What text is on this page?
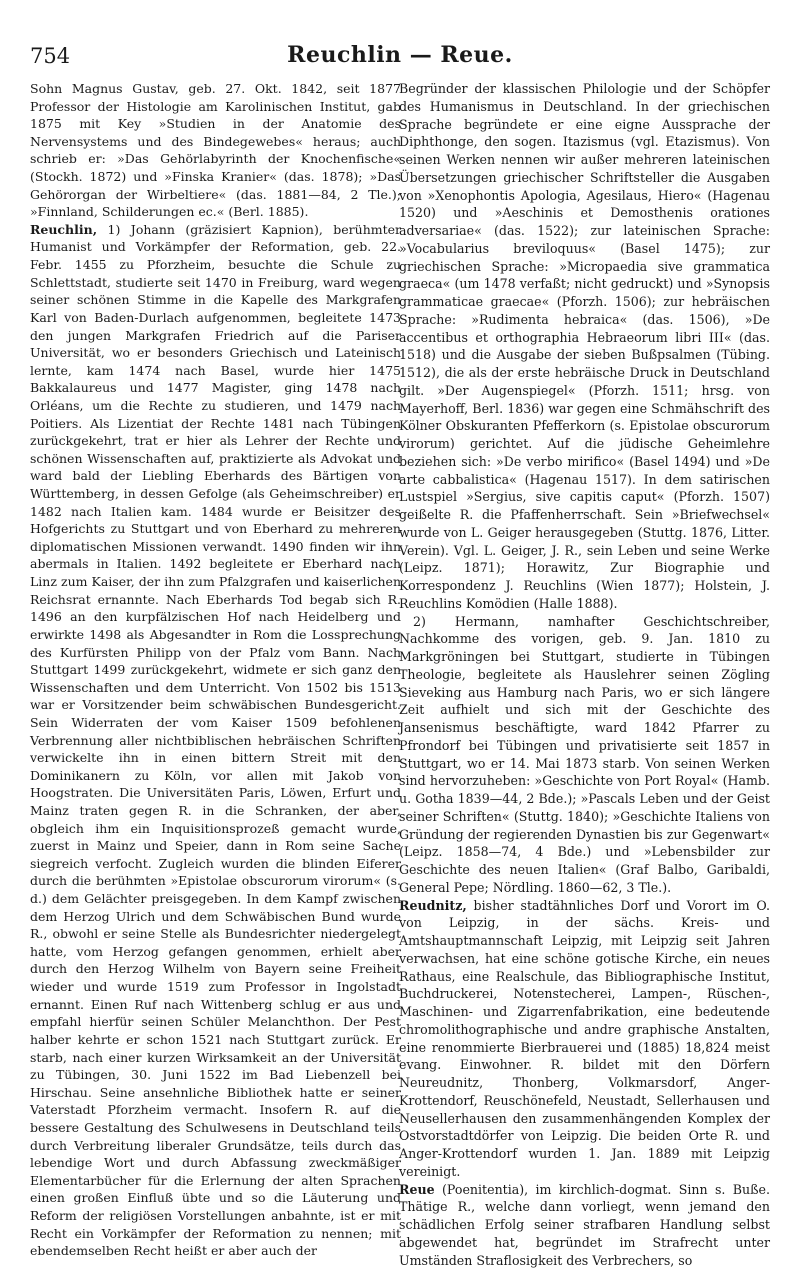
754	Reuchlin — Reue.

Sohn Magnus Gustav, geb. 27. Okt. 1842, seit 1877 Professor der Histologie am Karolinischen Institut, gab 1875 mit Key »Studien in der Anatomie des Nervensystems und des Bindegewebes« heraus; auch schrieb er: »Das Gehörlabyrinth der Knochenfische« (Stockh. 1872) und »Finska Kranier« (das. 1878); »Das Gehörorgan der Wirbeltiere« (das. 1881—84, 2 Tle.); »Finnland, Schilderungen ec.« (Berl. 1885).

Reuchlin, 1) Johann (gräzisiert Kapnion), berühmter Humanist und Vorkämpfer der Reformation, geb. 22. Febr. 1455 zu Pforzheim, besuchte die Schule zu Schlettstadt, studierte seit 1470 in Freiburg, ward wegen seiner schönen Stimme in die Kapelle des Markgrafen Karl von Baden-Durlach aufgenommen, begleitete 1473 den jungen Markgrafen Friedrich auf die Pariser Universität, wo er besonders Griechisch und Lateinisch lernte, kam 1474 nach Basel, wurde hier 1475 Bakkalaureus und 1477 Magister, ging 1478 nach Orléans, um die Rechte zu studieren, und 1479 nach Poitiers. Als Lizentiat der Rechte 1481 nach Tübingen zurückgekehrt, trat er hier als Lehrer der Rechte und schönen Wissenschaften auf, praktizierte als Advokat und ward bald der Liebling Eberhards des Bärtigen von Württemberg, in dessen Gefolge (als Geheimschreiber) er 1482 nach Italien kam. 1484 wurde er Beisitzer des Hofgerichts zu Stuttgart und von Eberhard zu mehreren diplomatischen Missionen verwandt. 1490 finden wir ihn abermals in Italien. 1492 begleitete er Eberhard nach Linz zum Kaiser, der ihn zum Pfalzgrafen und kaiserlichen Reichsrat ernannte. Nach Eberhards Tod begab sich R. 1496 an den kurpfälzischen Hof nach Heidelberg und erwirkte 1498 als Abgesandter in Rom die Lossprechung des Kurfürsten Philipp von der Pfalz vom Bann. Nach Stuttgart 1499 zurückgekehrt, widmete er sich ganz den Wissenschaften und dem Unterricht. Von 1502 bis 1513 war er Vorsitzender beim schwäbischen Bundesgericht. Sein Widerraten der vom Kaiser 1509 befohlenen Verbrennung aller nichtbiblischen hebräischen Schriften verwickelte ihn in einen bittern Streit mit den Dominikanern zu Köln, vor allen mit Jakob von Hoogstraten. Die Universitäten Paris, Löwen, Erfurt und Mainz traten gegen R. in die Schranken, der aber, obgleich ihm ein Inquisitionsprozeß gemacht wurde, zuerst in Mainz und Speier, dann in Rom seine Sache siegreich verfocht. Zugleich wurden die blinden Eiferer durch die berühmten »Epistolae obscurorum virorum« (s. d.) dem Gelächter preisgegeben. In dem Kampf zwischen dem Herzog Ulrich und dem Schwäbischen Bund wurde R., obwohl er seine Stelle als Bundesrichter niedergelegt hatte, vom Herzog gefangen genommen, erhielt aber durch den Herzog Wilhelm von Bayern seine Freiheit wieder und wurde 1519 zum Professor in Ingolstadt ernannt. Einen Ruf nach Wittenberg schlug er aus und empfahl hierfür seinen Schüler Melanchthon. Der Pest halber kehrte er schon 1521 nach Stuttgart zurück. Er starb, nach einer kurzen Wirksamkeit an der Universität zu Tübingen, 30. Juni 1522 im Bad Liebenzell bei Hirschau. Seine ansehnliche Bibliothek hatte er seiner Vaterstadt Pforzheim vermacht. Insofern R. auf die bessere Gestaltung des Schulwesens in Deutschland teils durch Verbreitung liberaler Grundsätze, teils durch das lebendige Wort und durch Abfassung zweckmäßiger Elementarbücher für die Erlernung der alten Sprachen einen großen Einfluß übte und so die Läuterung und Reform der religiösen Vorstellungen anbahnte, ist er mit Recht ein Vorkämpfer der Reformation zu nennen; mit ebendemselben Recht heißt er aber auch der

Begründer der klassischen Philologie und der Schöpfer des Humanismus in Deutschland. In der griechischen Sprache begründete er eine eigne Aussprache der Diphthonge, den sogen. Itazismus (vgl. Etazismus). Von seinen Werken nennen wir außer mehreren lateinischen Übersetzungen griechischer Schriftsteller die Ausgaben von »Xenophontis Apologia, Agesilaus, Hiero« (Hagenau 1520) und »Aeschinis et Demosthenis orationes adversariae« (das. 1522); zur lateinischen Sprache: »Vocabularius breviloquus« (Basel 1475); zur griechischen Sprache: »Micropaedia sive grammatica graeca« (um 1478 verfaßt; nicht gedruckt) und »Synopsis grammaticae graecae« (Pforzh. 1506); zur hebräischen Sprache: »Rudimenta hebraica« (das. 1506), »De accentibus et orthographia Hebraeorum libri III« (das. 1518) und die Ausgabe der sieben Bußpsalmen (Tübing. 1512), die als der erste hebräische Druck in Deutschland gilt. »Der Augenspiegel« (Pforzh. 1511; hrsg. von Mayerhoff, Berl. 1836) war gegen eine Schmähschrift des Kölner Obskuranten Pfefferkorn (s. Epistolae obscurorum virorum) gerichtet. Auf die jüdische Geheimlehre beziehen sich: »De verbo mirifico« (Basel 1494) und »De arte cabbalistica« (Hagenau 1517). In dem satirischen Lustspiel »Sergius, sive capitis caput« (Pforzh. 1507) geißelte R. die Pfaffenherrschaft. Sein »Briefwechsel« wurde von L. Geiger herausgegeben (Stuttg. 1876, Litter. Verein). Vgl. L. Geiger, J. R., sein Leben und seine Werke (Leipz. 1871); Horawitz, Zur Biographie und Korrespondenz J. Reuchlins (Wien 1877); Holstein, J. Reuchlins Komödien (Halle 1888).

2) Hermann, namhafter Geschichtschreiber, Nachkomme des vorigen, geb. 9. Jan. 1810 zu Markgröningen bei Stuttgart, studierte in Tübingen Theologie, begleitete als Hauslehrer seinen Zögling Sieveking aus Hamburg nach Paris, wo er sich längere Zeit aufhielt und sich mit der Geschichte des Jansenismus beschäftigte, ward 1842 Pfarrer zu Pfrondorf bei Tübingen und privatisierte seit 1857 in Stuttgart, wo er 14. Mai 1873 starb. Von seinen Werken sind hervorzuheben: »Geschichte von Port Royal« (Hamb. u. Gotha 1839—44, 2 Bde.); »Pascals Leben und der Geist seiner Schriften« (Stuttg. 1840); »Geschichte Italiens von Gründung der regierenden Dynastien bis zur Gegenwart« (Leipz. 1858—74, 4 Bde.) und »Lebensbilder zur Geschichte des neuen Italien« (Graf Balbo, Garibaldi, General Pepe; Nördling. 1860—62, 3 Tle.).

Reudnitz, bisher stadtähnliches Dorf und Vorort im O. von Leipzig, in der sächs. Kreis- und Amtshauptmannschaft Leipzig, mit Leipzig seit Jahren verwachsen, hat eine schöne gotische Kirche, ein neues Rathaus, eine Realschule, das Bibliographische Institut, Buchdruckerei, Notenstecherei, Lampen-, Rüschen-, Maschinen- und Zigarrenfabrikation, eine bedeutende chromolithographische und andre graphische Anstalten, eine renommierte Bierbrauerei und (1885) 18,824 meist evang. Einwohner. R. bildet mit den Dörfern Neureudnitz, Thonberg, Volkmarsdorf, Anger-Krottendorf, Reuschönefeld, Neustadt, Sellerhausen und Neusellerhausen den zusammenhängenden Komplex der Ostvorstadtdörfer von Leipzig. Die beiden Orte R. und Anger-Krottendorf wurden 1. Jan. 1889 mit Leipzig vereinigt.

Reue (Poenitentia), im kirchlich-dogmat. Sinn s. Buße. Thätige R., welche dann vorliegt, wenn jemand den schädlichen Erfolg seiner strafbaren Handlung selbst abgewendet hat, begründet im Strafrecht unter Umständen Straflosigkeit des Verbrechers, so
